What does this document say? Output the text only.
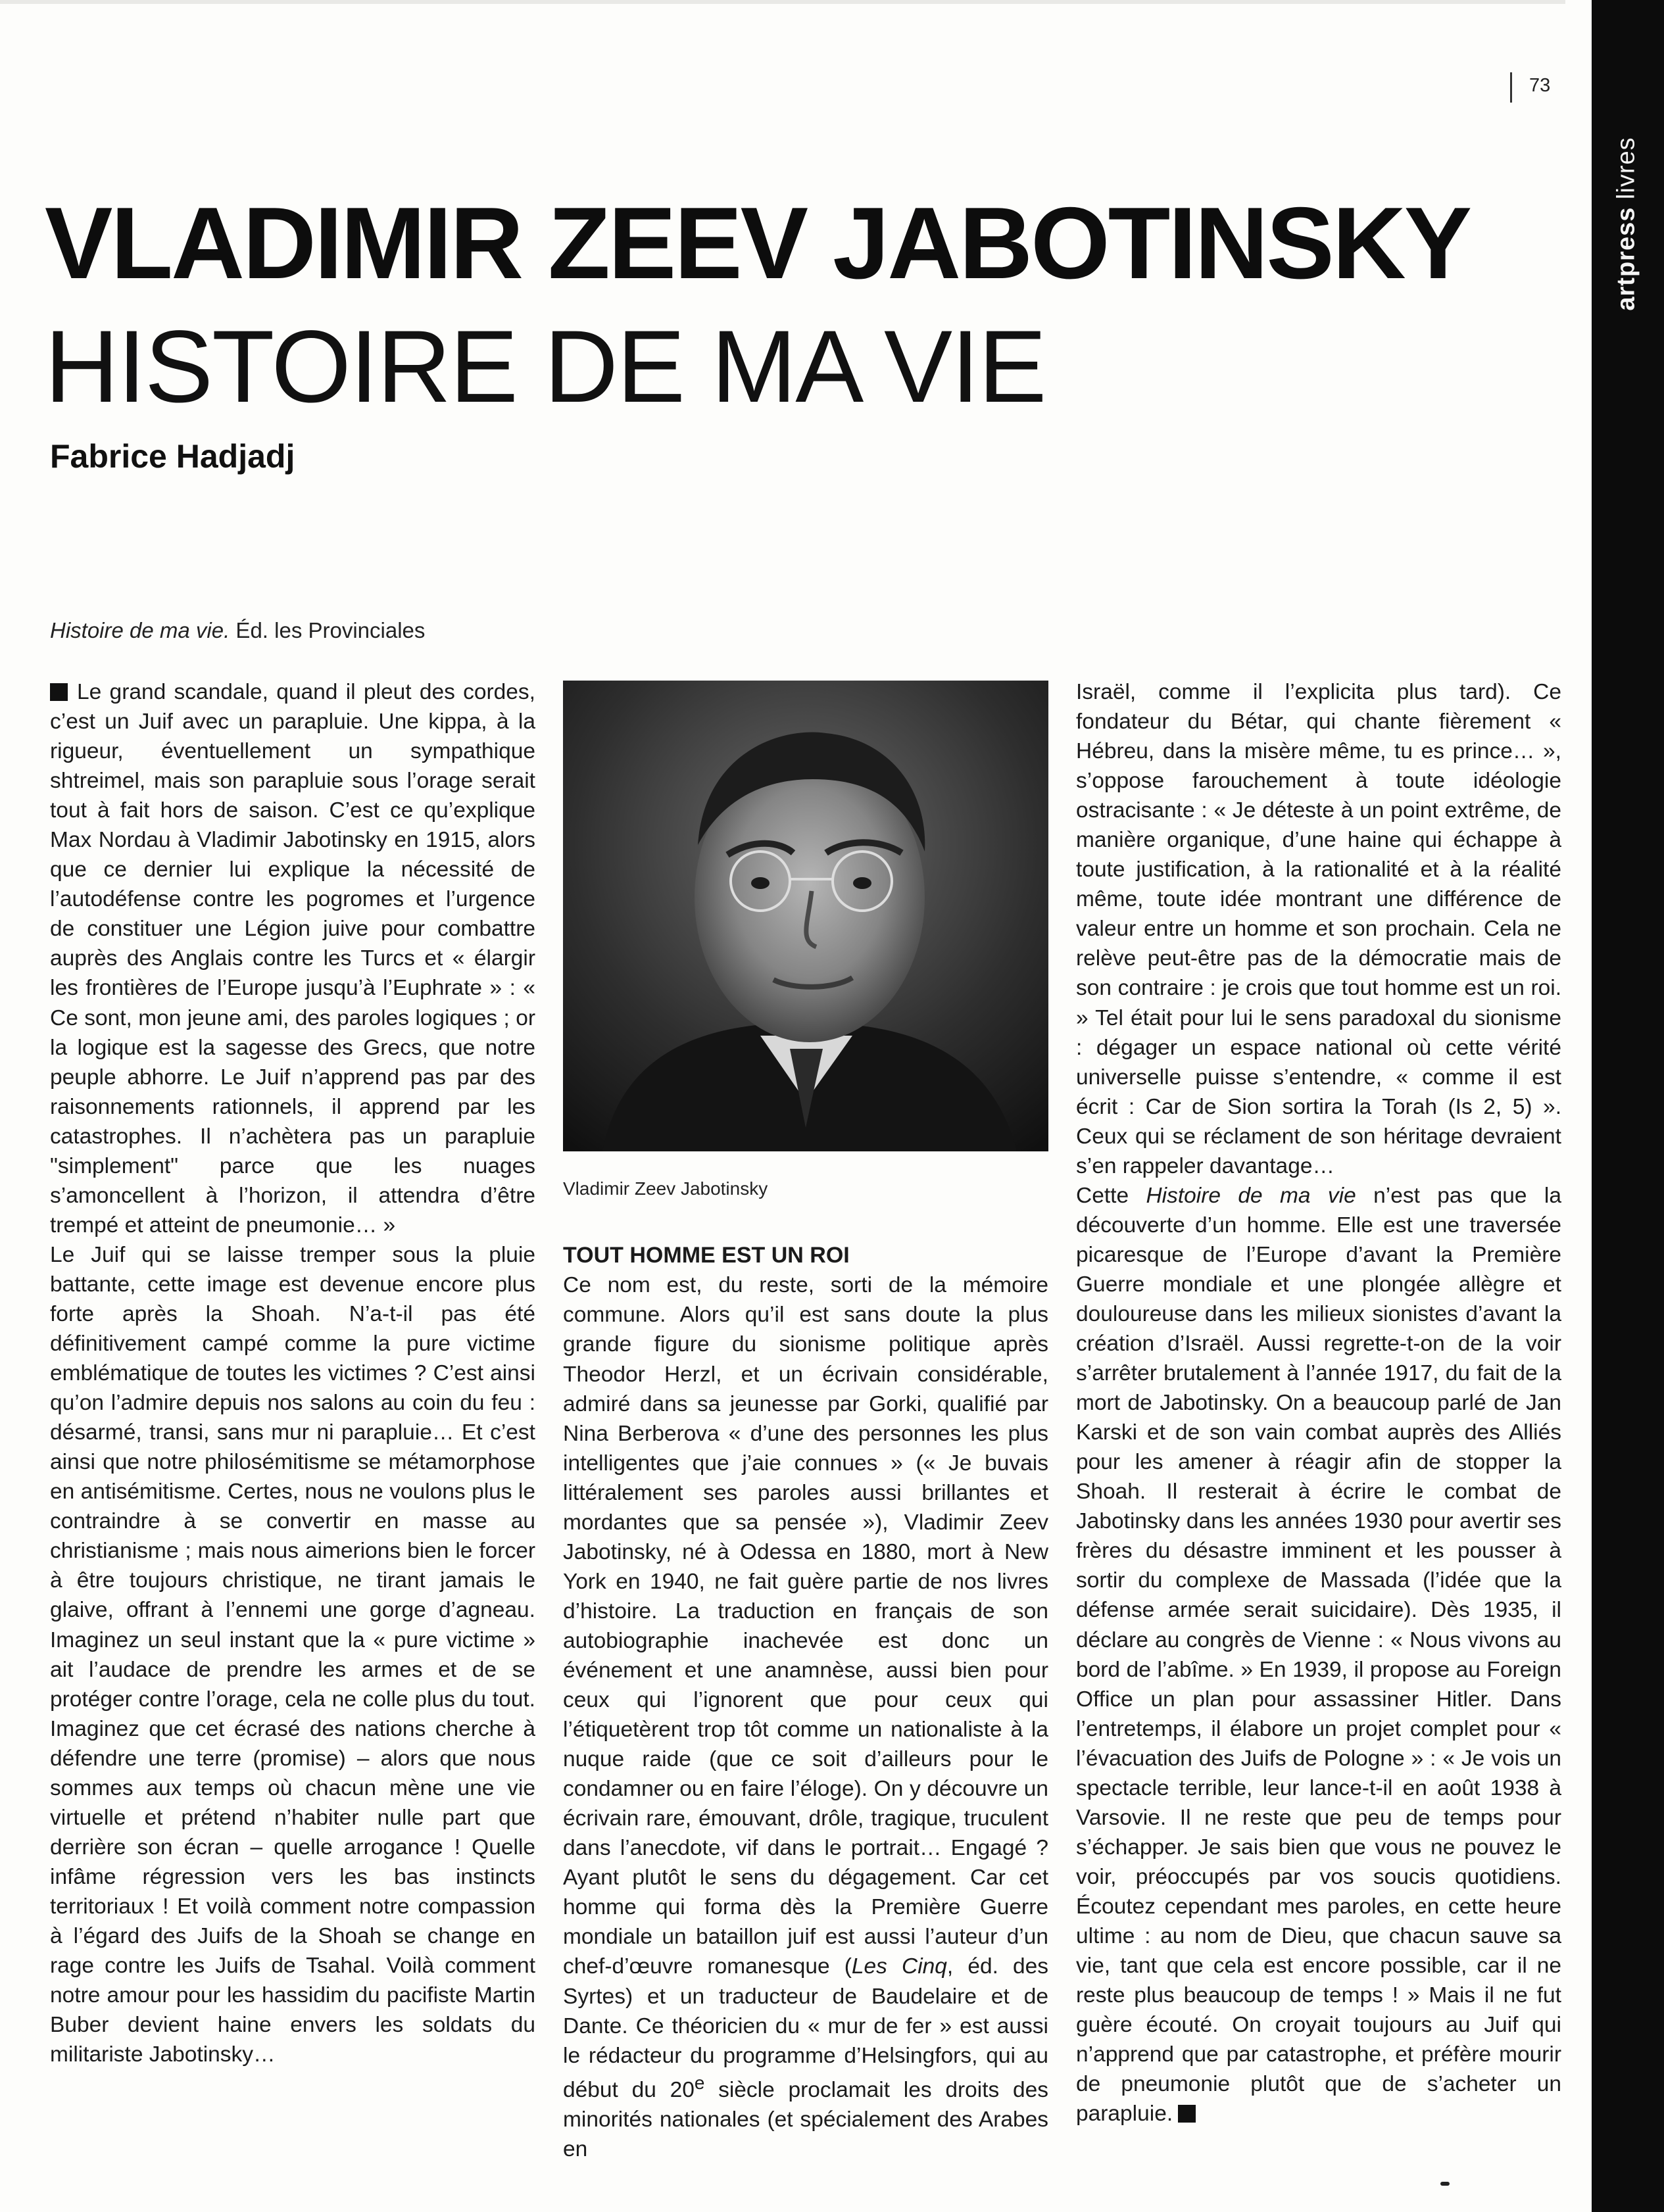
73
artpress livres
VLADIMIR ZEEV JABOTINSKY
HISTOIRE DE MA VIE
Fabrice Hadjadj
Histoire de ma vie. Éd. les Provinciales

Le grand scandale, quand il pleut des cordes, c’est un Juif avec un parapluie. Une kippa, à la rigueur, éventuellement un sympathique shtreimel, mais son parapluie sous l’orage serait tout à fait hors de saison. C’est ce qu’explique Max Nordau à Vladimir Jabotinsky en 1915, alors que ce dernier lui explique la nécessité de l’autodéfense contre les pogromes et l’urgence de constituer une Légion juive pour combattre auprès des Anglais contre les Turcs et « élargir les frontières de l’Europe jusqu’à l’Euphrate » : « Ce sont, mon jeune ami, des paroles logiques ; or la logique est la sagesse des Grecs, que notre peuple abhorre. Le Juif n’apprend pas par des raisonnements rationnels, il apprend par les catastrophes. Il n’achètera pas un parapluie "simplement" parce que les nuages s’amoncellent à l’horizon, il attendra d’être trempé et atteint de pneumonie… »

Le Juif qui se laisse tremper sous la pluie battante, cette image est devenue encore plus forte après la Shoah. N’a-t-il pas été définitivement campé comme la pure victime emblématique de toutes les victimes ? C’est ainsi qu’on l’admire depuis nos salons au coin du feu : désarmé, transi, sans mur ni parapluie… Et c’est ainsi que notre philosémitisme se métamorphose en antisémitisme. Certes, nous ne voulons plus le contraindre à se convertir en masse au christianisme ; mais nous aimerions bien le forcer à être toujours christique, ne tirant jamais le glaive, offrant à l’ennemi une gorge d’agneau. Imaginez un seul instant que la « pure victime » ait l’audace de prendre les armes et de se protéger contre l’orage, cela ne colle plus du tout. Imaginez que cet écrasé des nations cherche à défendre une terre (promise) – alors que nous sommes aux temps où chacun mène une vie virtuelle et prétend n’habiter nulle part que derrière son écran – quelle arrogance ! Quelle infâme régression vers les bas instincts territoriaux ! Et voilà comment notre compassion à l’égard des Juifs de la Shoah se change en rage contre les Juifs de Tsahal. Voilà comment notre amour pour les hassidim du pacifiste Martin Buber devient haine envers les soldats du militariste Jabotinsky…

Vladimir Zeev Jabotinsky
TOUT HOMME EST UN ROI

Ce nom est, du reste, sorti de la mémoire commune. Alors qu’il est sans doute la plus grande figure du sionisme politique après Theodor Herzl, et un écrivain considérable, admiré dans sa jeunesse par Gorki, qualifié par Nina Berberova « d’une des personnes les plus intelligentes que j’aie connues » (« Je buvais littéralement ses paroles aussi brillantes et mordantes que sa pensée »), Vladimir Zeev Jabotinsky, né à Odessa en 1880, mort à New York en 1940, ne fait guère partie de nos livres d’histoire. La traduction en français de son autobiographie inachevée est donc un événement et une anamnèse, aussi bien pour ceux qui l’ignorent que pour ceux qui l’étiquetèrent trop tôt comme un nationaliste à la nuque raide (que ce soit d’ailleurs pour le condamner ou en faire l’éloge). On y découvre un écrivain rare, émouvant, drôle, tragique, truculent dans l’anecdote, vif dans le portrait… Engagé ? Ayant plutôt le sens du dégagement. Car cet homme qui forma dès la Première Guerre mondiale un bataillon juif est aussi l’auteur d’un chef-d’œuvre romanesque (Les Cinq, éd. des Syrtes) et un traducteur de Baudelaire et de Dante. Ce théoricien du « mur de fer » est aussi le rédacteur du programme d’Helsingfors, qui au début du 20e siècle proclamait les droits des minorités nationales (et spécialement des Arabes en

Israël, comme il l’explicita plus tard). Ce fondateur du Bétar, qui chante fièrement « Hébreu, dans la misère même, tu es prince… », s’oppose farouchement à toute idéologie ostracisante : « Je déteste à un point extrême, de manière organique, d’une haine qui échappe à toute justification, à la rationalité et à la réalité même, toute idée montrant une différence de valeur entre un homme et son prochain. Cela ne relève peut-être pas de la démocratie mais de son contraire : je crois que tout homme est un roi. » Tel était pour lui le sens paradoxal du sionisme : dégager un espace national où cette vérité universelle puisse s’entendre, « comme il est écrit : Car de Sion sortira la Torah (Is 2, 5) ». Ceux qui se réclament de son héritage devraient s’en rappeler davantage…

Cette Histoire de ma vie n’est pas que la découverte d’un homme. Elle est une traversée picaresque de l’Europe d’avant la Première Guerre mondiale et une plongée allègre et douloureuse dans les milieux sionistes d’avant la création d’Israël. Aussi regrette-t-on de la voir s’arrêter brutalement à l’année 1917, du fait de la mort de Jabotinsky. On a beaucoup parlé de Jan Karski et de son vain combat auprès des Alliés pour les amener à réagir afin de stopper la Shoah. Il resterait à écrire le combat de Jabotinsky dans les années 1930 pour avertir ses frères du désastre imminent et les pousser à sortir du complexe de Massada (l’idée que la défense armée serait suicidaire). Dès 1935, il déclare au congrès de Vienne : « Nous vivons au bord de l’abîme. » En 1939, il propose au Foreign Office un plan pour assassiner Hitler. Dans l’entretemps, il élabore un projet complet pour « l’évacuation des Juifs de Pologne » : « Je vois un spectacle terrible, leur lance-t-il en août 1938 à Varsovie. Il ne reste que peu de temps pour s’échapper. Je sais bien que vous ne pouvez le voir, préoccupés par vos soucis quotidiens. Écoutez cependant mes paroles, en cette heure ultime : au nom de Dieu, que chacun sauve sa vie, tant que cela est encore possible, car il ne reste plus beaucoup de temps ! » Mais il ne fut guère écouté. On croyait toujours au Juif qui n’apprend que par catastrophe, et préfère mourir de pneumonie plutôt que de s’acheter un parapluie.
